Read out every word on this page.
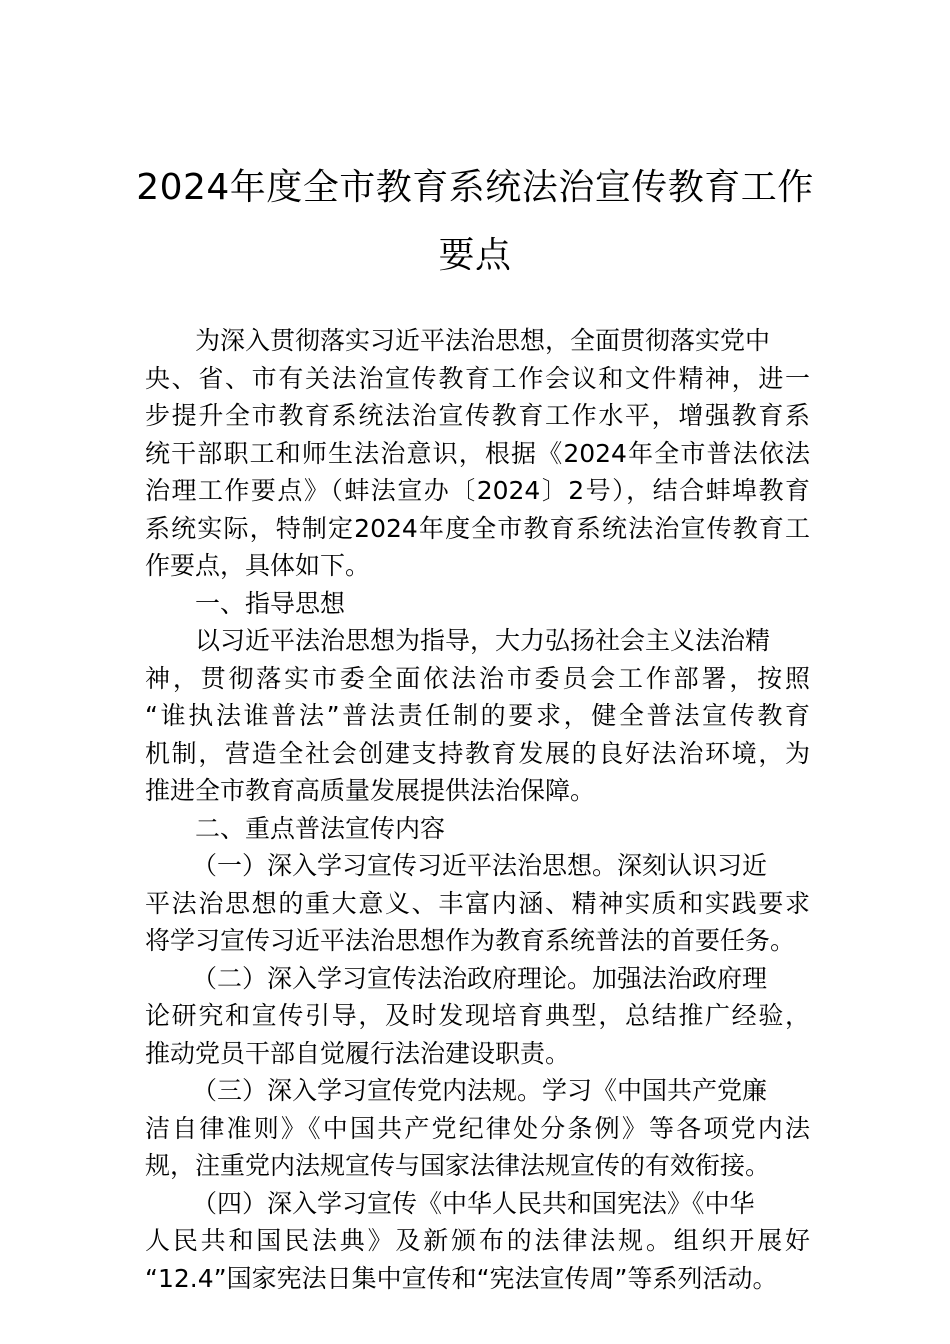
2024年度全市教育系统法治宣传教育工作
要点
为深入贯彻落实习近平法治思想，全面贯彻落实党中
央、省、市有关法治宣传教育工作会议和文件精神，进一
步提升全市教育系统法治宣传教育工作水平，增强教育系
统干部职工和师生法治意识，根据《2024年全市普法依法
治理工作要点》（蚌法宣办〔2024〕2号），结合蚌埠教育
系统实际，特制定2024年度全市教育系统法治宣传教育工
作要点，具体如下。
一、指导思想
以习近平法治思想为指导，大力弘扬社会主义法治精
神，贯彻落实市委全面依法治市委员会工作部署，按照
“谁执法谁普法”普法责任制的要求，健全普法宣传教育
机制，营造全社会创建支持教育发展的良好法治环境，为
推进全市教育高质量发展提供法治保障。
二、重点普法宣传内容
（一）深入学习宣传习近平法治思想。深刻认识习近
平法治思想的重大意义、丰富内涵、精神实质和实践要求
将学习宣传习近平法治思想作为教育系统普法的首要任务。
（二）深入学习宣传法治政府理论。加强法治政府理
论研究和宣传引导，及时发现培育典型，总结推广经验，
推动党员干部自觉履行法治建设职责。
（三）深入学习宣传党内法规。学习《中国共产党廉
洁自律准则》《中国共产党纪律处分条例》等各项党内法
规，注重党内法规宣传与国家法律法规宣传的有效衔接。
（四）深入学习宣传《中华人民共和国宪法》《中华
人民共和国民法典》及新颁布的法律法规。组织开展好
“12.4”国家宪法日集中宣传和“宪法宣传周”等系列活动。
